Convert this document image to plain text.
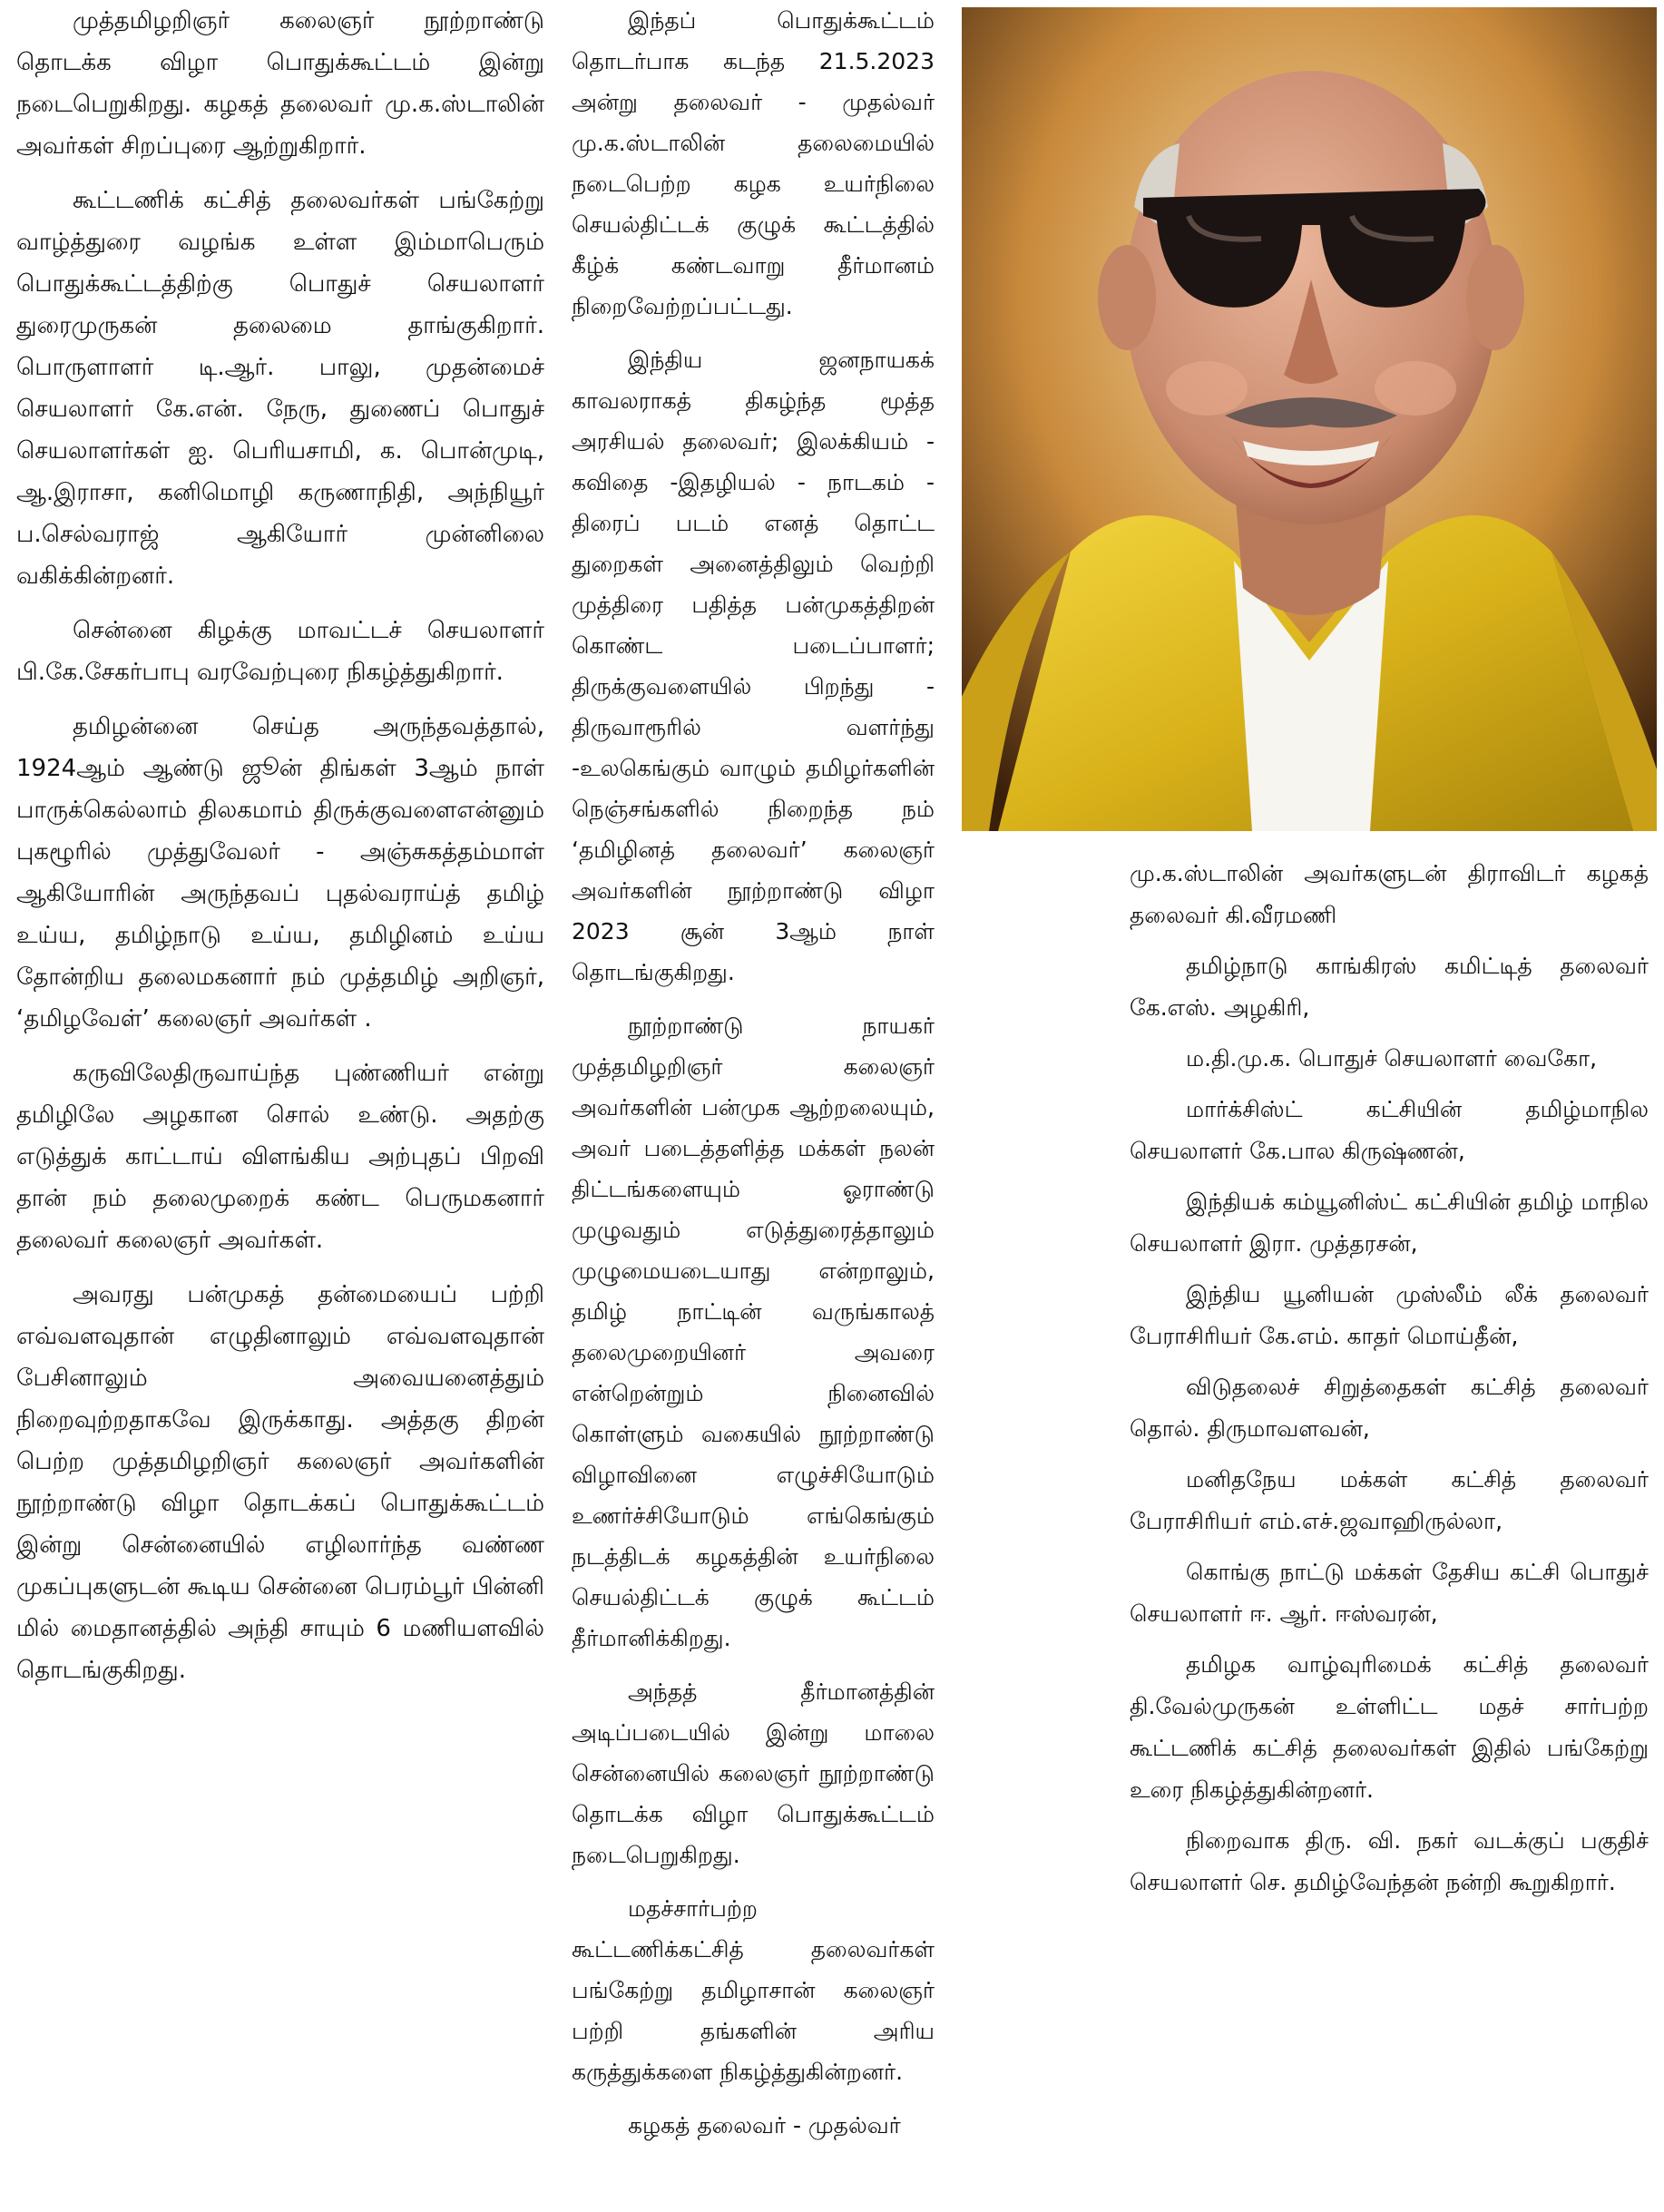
முத்தமிழறிஞர் கலைஞர் நூற்றாண்டு தொடக்க விழா பொதுக்கூட்டம் இன்று நடைபெறுகிறது. கழகத் தலைவர் மு.க.ஸ்டாலின் அவர்கள் சிறப்புரை ஆற்றுகிறார்.

கூட்டணிக் கட்சித் தலைவர்கள் பங்கேற்று வாழ்த்துரை வழங்க உள்ள இம்மாபெரும் பொதுக்கூட்டத்திற்கு பொதுச் செயலாளர் துரைமுருகன் தலைமை தாங்குகிறார். பொருளாளர் டி.ஆர். பாலு, முதன்மைச் செயலாளர் கே.என். நேரு, துணைப் பொதுச் செயலாளர்கள் ஐ. பெரியசாமி, க. பொன்முடி, ஆ.இராசா, கனிமொழி கருணாநிதி, அந்நியூர் ப.செல்வராஜ் ஆகியோர் முன்னிலை வகிக்கின்றனர்.

சென்னை கிழக்கு மாவட்டச் செயலாளர் பி.கே.சேகர்பாபு வரவேற்புரை நிகழ்த்துகிறார்.

தமிழன்னை செய்த அருந்தவத்தால், 1924ஆம் ஆண்டு ஜூன் திங்கள் 3ஆம் நாள் பாருக்கெல்லாம் திலகமாம் திருக்குவளைஎன்னும் புகழூரில் முத்துவேலர் - அஞ்சுகத்தம்மாள் ஆகியோரின் அருந்தவப் புதல்வராய்த் தமிழ் உய்ய, தமிழ்நாடு உய்ய, தமிழினம் உய்ய தோன்றிய தலைமகனார் நம் முத்தமிழ் அறிஞர், ‘தமிழவேள்’ கலைஞர் அவர்கள் .

கருவிலேதிருவாய்ந்த புண்ணியர் என்று தமிழிலே அழகான சொல் உண்டு. அதற்கு எடுத்துக் காட்டாய் விளங்கிய அற்புதப் பிறவி தான் நம் தலைமுறைக் கண்ட பெருமகனார் தலைவர் கலைஞர் அவர்கள்.

அவரது பன்முகத் தன்மையைப் பற்றி எவ்வளவுதான் எழுதினாலும் எவ்வளவுதான் பேசினாலும் அவையனைத்தும் நிறைவுற்றதாகவே இருக்காது. அத்தகு திறன் பெற்ற முத்தமிழறிஞர் கலைஞர் அவர்களின் நூற்றாண்டு விழா தொடக்கப் பொதுக்கூட்டம் இன்று சென்னையில் எழிலார்ந்த வண்ண முகப்புகளுடன் கூடிய சென்னை பெரம்பூர் பின்னி மில் மைதானத்தில் அந்தி சாயும் 6 மணியளவில் தொடங்குகிறது.

இந்தப் பொதுக்கூட்டம் தொடர்பாக கடந்த 21.5.2023 அன்று தலைவர் - முதல்வர் மு.க.ஸ்டாலின் தலைமையில் நடைபெற்ற கழக உயர்நிலை செயல்திட்டக் குழுக் கூட்டத்தில் கீழ்க் கண்டவாறு தீர்மானம் நிறைவேற்றப்பட்டது.

இந்திய ஜனநாயகக் காவலராகத் திகழ்ந்த மூத்த அரசியல் தலைவர்; இலக்கியம் - கவிதை -இதழியல் - நாடகம் - திரைப் படம் எனத் தொட்ட துறைகள் அனைத்திலும் வெற்றி முத்திரை பதித்த பன்முகத்திறன் கொண்ட படைப்பாளர்; திருக்குவளையில் பிறந்து - திருவாரூரில் வளர்ந்து -உலகெங்கும் வாழும் தமிழர்களின் நெஞ்சங்களில் நிறைந்த நம் ‘தமிழினத் தலைவர்’ கலைஞர் அவர்களின் நூற்றாண்டு விழா 2023 சூன் 3ஆம் நாள் தொடங்குகிறது.

நூற்றாண்டு நாயகர் முத்தமிழறிஞர் கலைஞர் அவர்களின் பன்முக ஆற்றலையும், அவர் படைத்தளித்த மக்கள் நலன் திட்டங்களையும் ஓராண்டு முழுவதும் எடுத்துரைத்தாலும் முழுமையடையாது என்றாலும், தமிழ் நாட்டின் வருங்காலத் தலைமுறையினர் அவரை என்றென்றும் நினைவில் கொள்ளும் வகையில் நூற்றாண்டு விழாவினை எழுச்சியோடும் உணர்ச்சியோடும் எங்கெங்கும் நடத்திடக் கழகத்தின் உயர்நிலை செயல்திட்டக் குழுக் கூட்டம் தீர்மானிக்கிறது.

அந்தத் தீர்மானத்தின் அடிப்படையில் இன்று மாலை சென்னையில் கலைஞர் நூற்றாண்டு தொடக்க விழா பொதுக்கூட்டம் நடைபெறுகிறது.

மதச்சார்பற்ற கூட்டணிக்கட்சித் தலைவர்கள் பங்கேற்று தமிழாசான் கலைஞர் பற்றி தங்களின் அரிய கருத்துக்களை நிகழ்த்துகின்றனர்.

கழகத் தலைவர் - முதல்வர்

மு.க.ஸ்டாலின் அவர்களுடன் திராவிடர் கழகத் தலைவர் கி.வீரமணி

தமிழ்நாடு காங்கிரஸ் கமிட்டித் தலைவர் கே.எஸ். அழகிரி,

ம.தி.மு.க. பொதுச் செயலாளர் வைகோ,

மார்க்சிஸ்ட் கட்சியின் தமிழ்மாநில செயலாளர் கே.பால கிருஷ்ணன்,

இந்தியக் கம்யூனிஸ்ட் கட்சியின் தமிழ் மாநில செயலாளர் இரா. முத்தரசன்,

இந்திய யூனியன் முஸ்லீம் லீக் தலைவர் பேராசிரியர் கே.எம். காதர் மொய்தீன்,

விடுதலைச் சிறுத்தைகள் கட்சித் தலைவர் தொல். திருமாவளவன்,

மனிதநேய மக்கள் கட்சித் தலைவர் பேராசிரியர் எம்.எச்.ஜவாஹிருல்லா,

கொங்கு நாட்டு மக்கள் தேசிய கட்சி பொதுச் செயலாளர் ஈ. ஆர். ஈஸ்வரன்,

தமிழக வாழ்வுரிமைக் கட்சித் தலைவர் தி.வேல்முருகன் உள்ளிட்ட மதச் சார்பற்ற கூட்டணிக் கட்சித் தலைவர்கள் இதில் பங்கேற்று உரை நிகழ்த்துகின்றனர்.

நிறைவாக திரு. வி. நகர் வடக்குப் பகுதிச் செயலாளர் செ. தமிழ்வேந்தன் நன்றி கூறுகிறார்.
